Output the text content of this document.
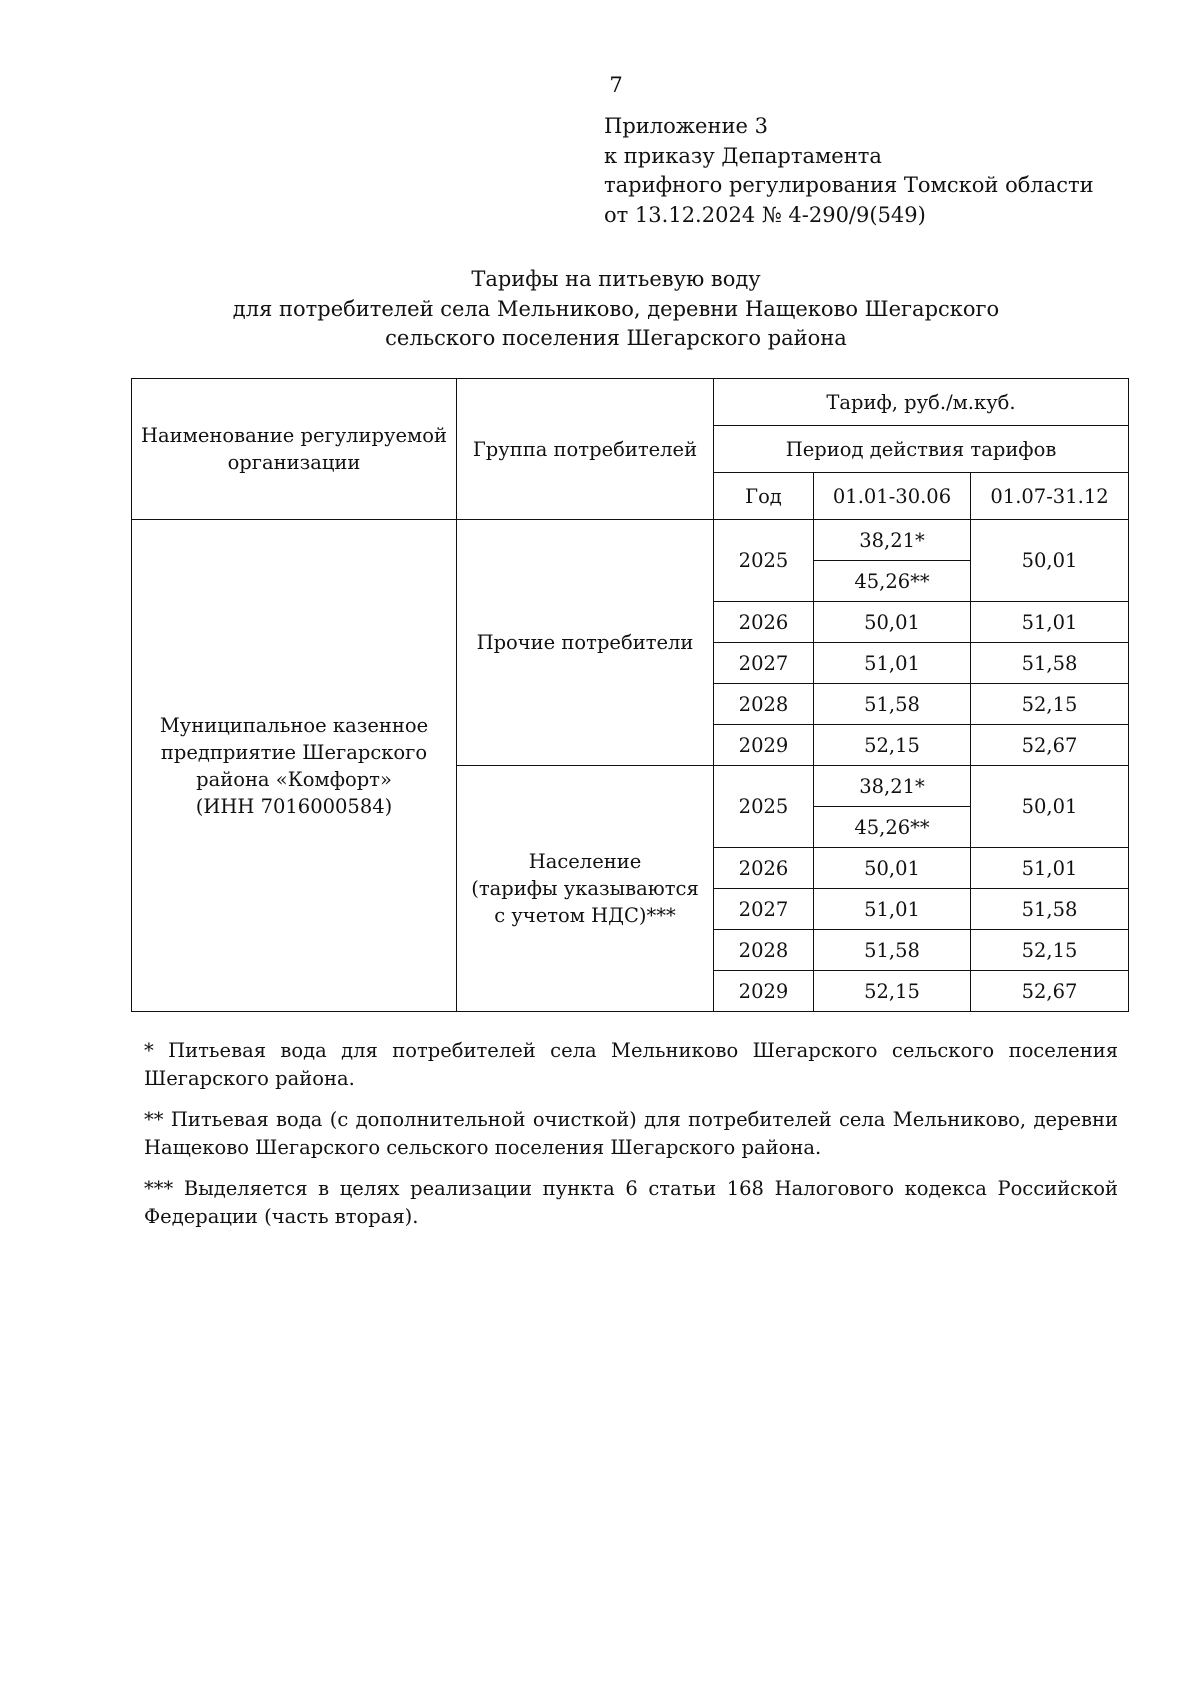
7
Приложение 3
к приказу Департамента
тарифного регулирования Томской области
от 13.12.2024 № 4-290/9(549)
Тарифы на питьевую воду
для потребителей села Мельниково, деревни Нащеково Шегарского
сельского поселения Шегарского района
Наименование регулируемой организации	Группа потребителей	Тариф, руб./м.куб.		
		Период действия тарифов		
		Год	01.01-30.06	01.07-31.12

Муниципальное казенное
предприятие Шегарского
района «Комфорт»
(ИНН 7016000584)	Прочие потребители	2025	38,21*	50,01
			45,26**	
		2026	50,01	51,01
		2027	51,01	51,58
		2028	51,58	52,15
		2029	52,15	52,67

	Население
(тарифы указываются
с учетом НДС)***	2025	38,21*	50,01
			45,26**	
		2026	50,01	51,01
		2027	51,01	51,58
		2028	51,58	52,15
		2029	52,15	52,67

* Питьевая вода для потребителей села Мельниково Шегарского сельского поселения Шегарского района.

** Питьевая вода (с дополнительной очисткой) для потребителей села Мельниково, деревни Нащеково Шегарского сельского поселения Шегарского района.

*** Выделяется в целях реализации пункта 6 статьи 168 Налогового кодекса Российской Федерации (часть вторая).
